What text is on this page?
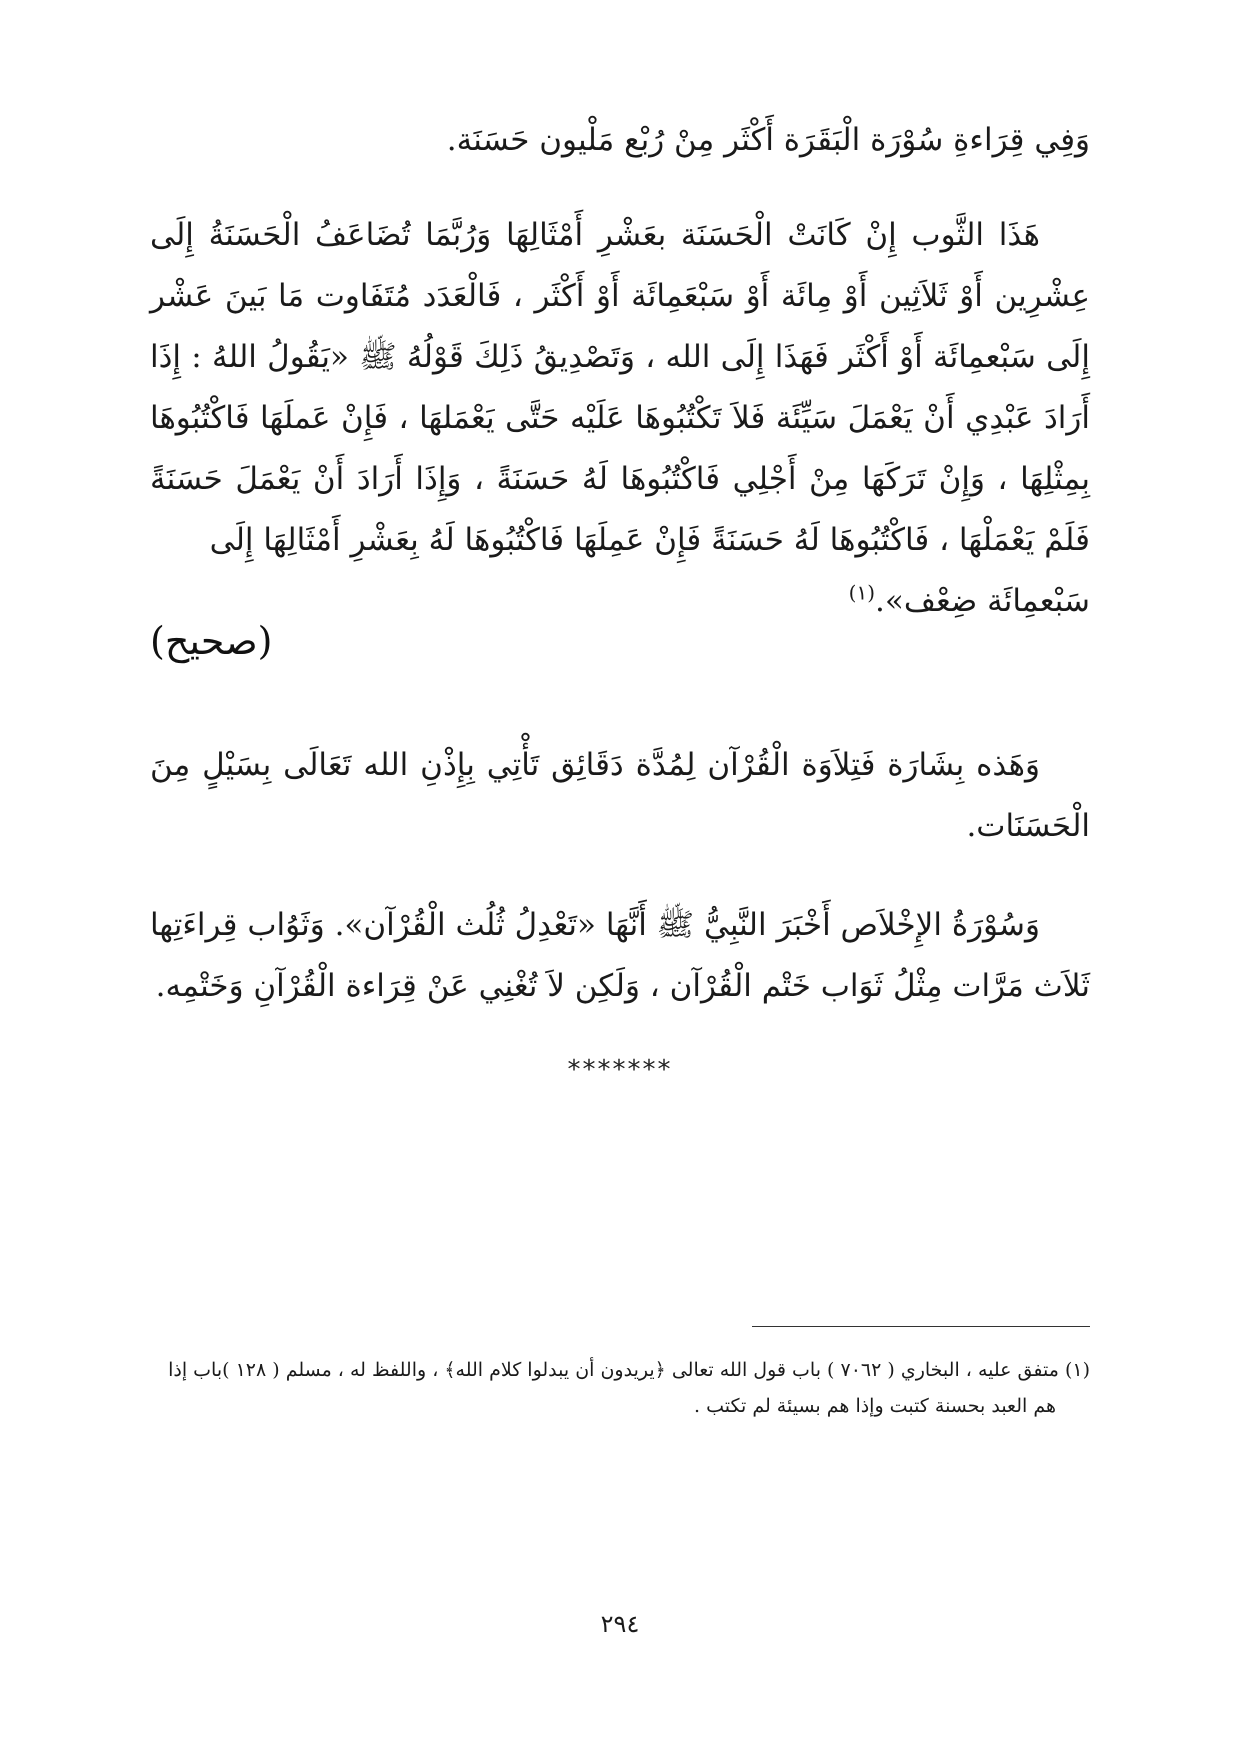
وَفِي قِرَاءةِ سُوْرَة الْبَقَرَة أَكْثَر مِنْ رُبْع مَلْيون حَسَنَة.

هَذَا الثَّوب إِنْ كَانَتْ الْحَسَنَة بعَشْرِ أَمْثَالِهَا وَرُبَّمَا تُضَاعَفُ الْحَسَنَةُ إِلَى عِشْرِين أَوْ ثَلاَثِين أَوْ مِائَة أَوْ سَبْعَمِائَة أَوْ أَكْثَر ، فَالْعَدَد مُتَفَاوت مَا بَينَ عَشْر إِلَى سَبْعمِائَة أَوْ أَكْثَر فَهَذَا إِلَى الله ، وَتَصْدِيقُ ذَلِكَ قَوْلُهُ ﷺ «يَقُولُ اللهُ : إِذَا أَرَادَ عَبْدِي أَنْ يَعْمَلَ سَيِّئَة فَلاَ تَكْتُبُوهَا عَلَيْه حَتَّى يَعْمَلهَا ، فَإِنْ عَملَهَا فَاكْتُبُوهَا بِمِثْلِهَا ، وَإِنْ تَرَكَهَا مِنْ أَجْلِي فَاكْتُبُوهَا لَهُ حَسَنَةً ، وَإِذَا أَرَادَ أَنْ يَعْمَلَ حَسَنَةً فَلَمْ يَعْمَلْهَا ، فَاكْتُبُوهَا لَهُ حَسَنَةً فَإِنْ عَمِلَهَا فَاكْتُبُوهَا لَهُ بِعَشْرِ أَمْثَالِهَا إِلَى
سَبْعمِائَة ضِعْف».$^{(١)}$

(صحيح)

وَهَذه بِشَارَة فَتِلاَوَة الْقُرْآن لِمُدَّة دَقَائِق تَأْتِي بِإِذْنِ الله تَعَالَى بِسَيْلٍ مِنَ الْحَسَنَات.

وَسُوْرَةُ الإِخْلاَص أَخْبَرَ النَّبِيُّ ﷺ أَنَّهَا «تَعْدِلُ ثُلُث الْقُرْآن». وَثَوُاب قِراءَتِها ثَلاَث مَرَّات مِثْلُ ثَوَاب خَتْم الْقُرْآن ، وَلَكِن لاَ تُغْنِي عَنْ قِرَاءة الْقُرْآنِ وَخَتْمِه.

*******
(١) متفق عليه ، البخاري ( ٧٠٦٢ ) باب قول الله تعالى ﴿يريدون أن يبدلوا كلام الله﴾ ، واللفظ له ، مسلم ( ١٢٨ )باب إذا
هم العبد بحسنة كتبت وإذا هم بسيئة لم تكتب .
٢٩٤
